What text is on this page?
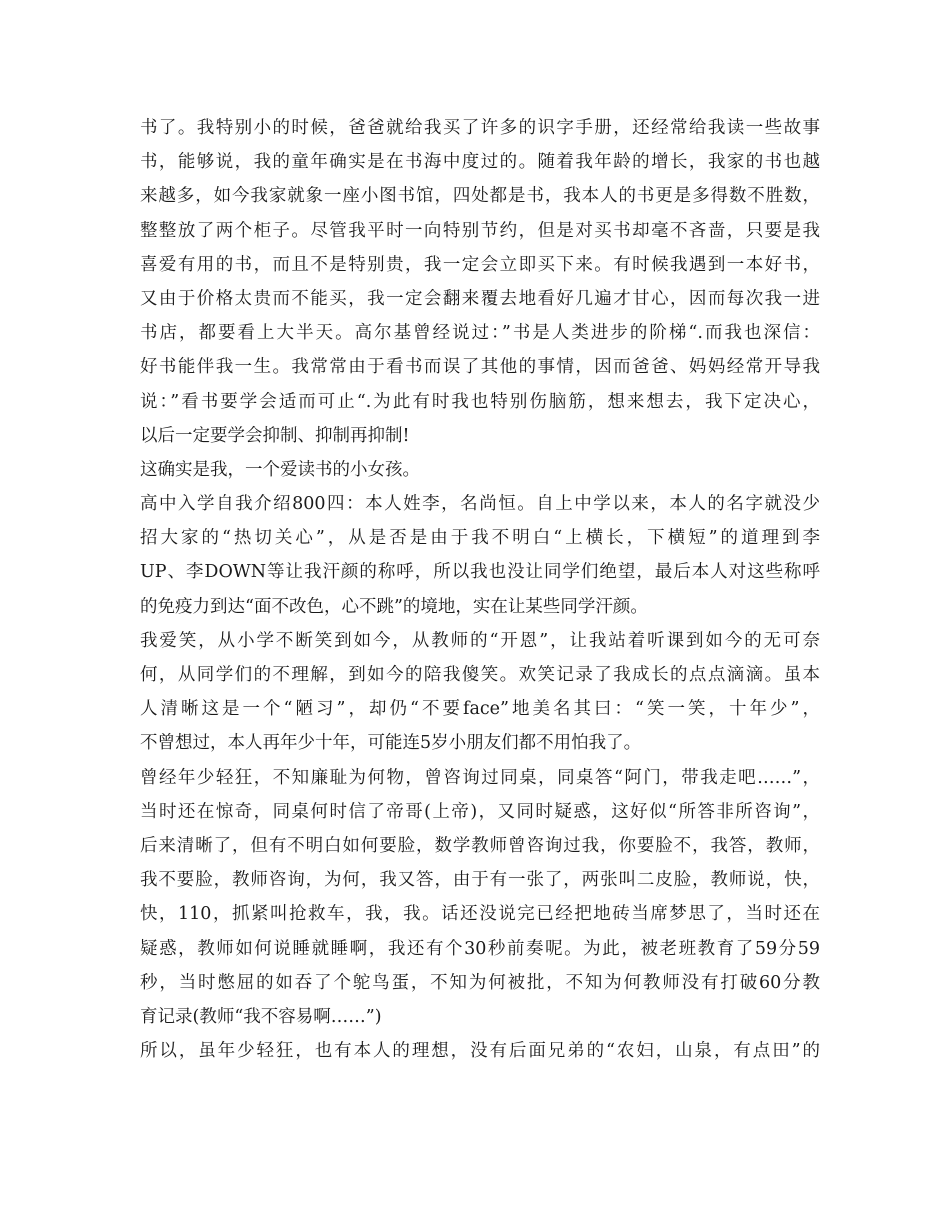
书了。我特别小的时候，爸爸就给我买了许多的识字手册，还经常给我读一些故事
书，能够说，我的童年确实是在书海中度过的。随着我年龄的增长，我家的书也越
来越多，如今我家就象一座小图书馆，四处都是书，我本人的书更是多得数不胜数，
整整放了两个柜子。尽管我平时一向特别节约，但是对买书却毫不吝啬，只要是我
喜爱有用的书，而且不是特别贵，我一定会立即买下来。有时候我遇到一本好书，
又由于价格太贵而不能买，我一定会翻来覆去地看好几遍才甘心，因而每次我一进
书店，都要看上大半天。高尔基曾经说过：”书是人类进步的阶梯“.而我也深信：
好书能伴我一生。我常常由于看书而误了其他的事情，因而爸爸、妈妈经常开导我
说：”看书要学会适而可止“.为此有时我也特别伤脑筋，想来想去，我下定决心，
以后一定要学会抑制、抑制再抑制!
这确实是我，一个爱读书的小女孩。
高中入学自我介绍800四：本人姓李，名尚恒。自上中学以来，本人的名字就没少
招大家的“热切关心”，从是否是由于我不明白“上横长，下横短”的道理到李
UP、李DOWN等让我汗颜的称呼，所以我也没让同学们绝望，最后本人对这些称呼
的免疫力到达“面不改色，心不跳”的境地，实在让某些同学汗颜。
我爱笑，从小学不断笑到如今，从教师的“开恩”，让我站着听课到如今的无可奈
何，从同学们的不理解，到如今的陪我傻笑。欢笑记录了我成长的点点滴滴。虽本
人清晰这是一个“陋习”，却仍“不要face”地美名其曰：“笑一笑，十年少”，
不曾想过，本人再年少十年，可能连5岁小朋友们都不用怕我了。
曾经年少轻狂，不知廉耻为何物，曾咨询过同桌，同桌答“阿门，带我走吧……”，
当时还在惊奇，同桌何时信了帝哥(上帝)，又同时疑惑，这好似“所答非所咨询”，
后来清晰了，但有不明白如何要脸，数学教师曾咨询过我，你要脸不，我答，教师，
我不要脸，教师咨询，为何，我又答，由于有一张了，两张叫二皮脸，教师说，快，
快，110，抓紧叫抢救车，我，我。话还没说完已经把地砖当席梦思了，当时还在
疑惑，教师如何说睡就睡啊，我还有个30秒前奏呢。为此，被老班教育了59分59
秒，当时憋屈的如吞了个鸵鸟蛋，不知为何被批，不知为何教师没有打破60分教
育记录(教师“我不容易啊……”)
所以，虽年少轻狂，也有本人的理想，没有后面兄弟的“农妇，山泉，有点田”的
